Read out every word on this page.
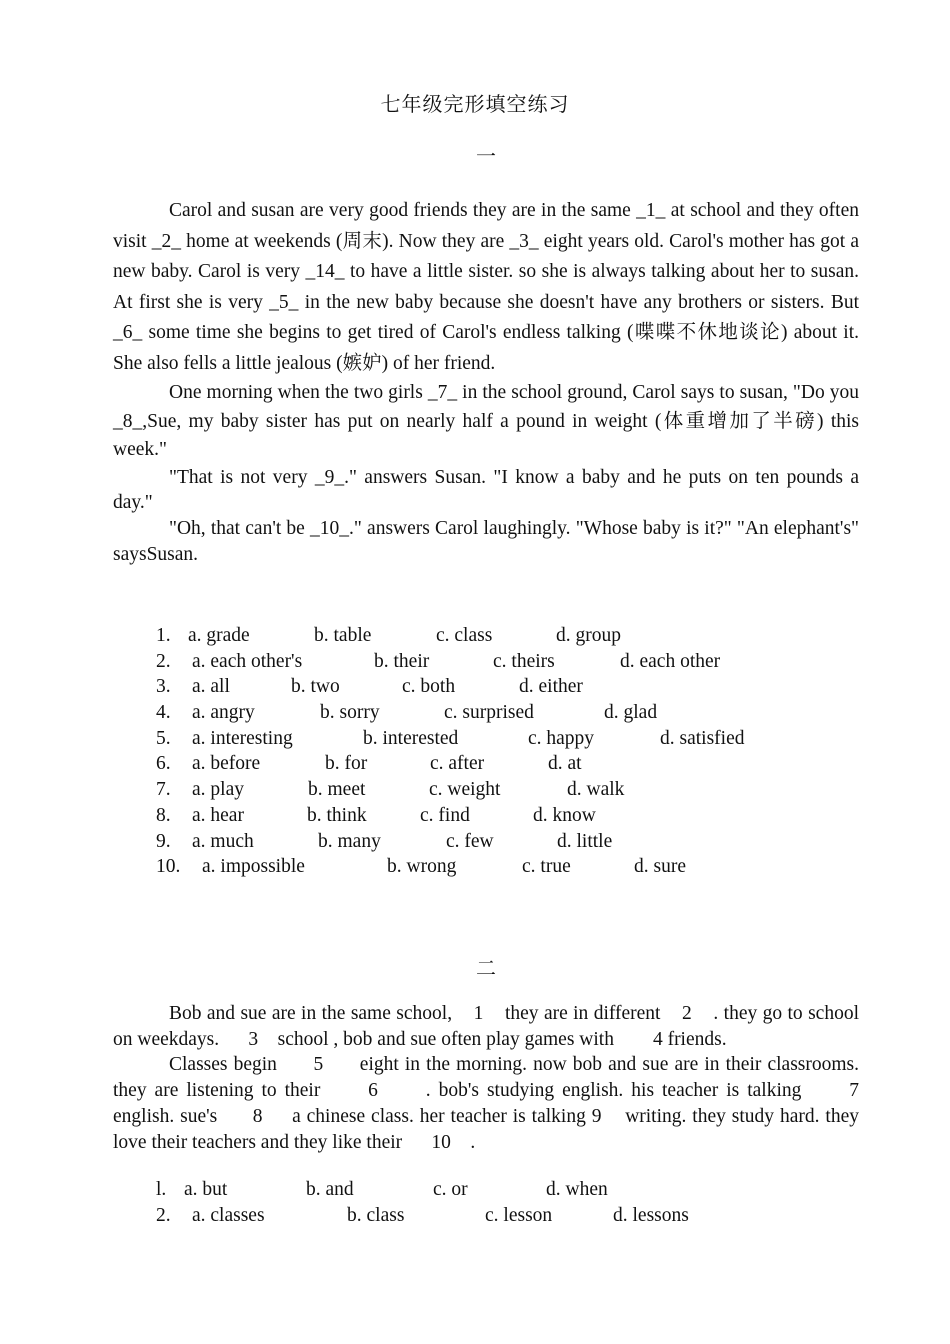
七年级完形填空练习
一

Carol and susan are very good friends they are in the same _1_ at school and they often visit _2_ home at weekends (周末). Now they are _3_ eight years old. Carol's mother has got a new baby. Carol is very _14_ to have a little sister. so she is always talking about her to susan. At first she is very _5_ in the new baby because she doesn't have any brothers or sisters. But _6_ some time she begins to get tired of Carol's endless talking (喋喋不休地谈论) about it. She also fells a little jealous (嫉妒) of her friend.

One morning when the two girls _7_ in the school ground, Carol says to susan, "Do you _8_,Sue, my baby sister has put on nearly half a pound in weight (体重增加了半磅) this week."

"That is not very _9_." answers Susan. "I know a baby and he puts on ten pounds a day."

"Oh, that can't be _10_." answers Carol laughingly. "Whose baby is it?" "An elephant's" saysSusan.

1. a. grade	b. table	c. class	d. group
2. a. each other's	b. their	c. theirs	d. each other
3. a. all	b. two	c. both	d. either
4. a. angry	b. sorry	c. surprised	d. glad
5. a. interesting	b. interested	c. happy	d. satisfied
6. a. before	b. for	c. after	d. at
7. a. play	b. meet	c. weight	d. walk
8. a. hear	b. think	c. find	d. know
9. a. much	b. many	c. few	d. little
10. a. impossible	b. wrong	c. true	d. sure
二

Bob and sue are in the same school,    1    they are in different    2    . they go to school on weekdays.      3    school , bob and sue often play games with        4 friends.

Classes begin      5      eight in the morning. now bob and sue are in their classrooms. they are listening to their      6      . bob's studying english. his teacher is talking      7      english. sue's      8     a chinese class. her teacher is talking 9    writing. they study hard. they love their teachers and they like their      10    .

l. a. but	b. and	c. or	d. when
2. a. classes	b. class	c. lesson	d. lessons
